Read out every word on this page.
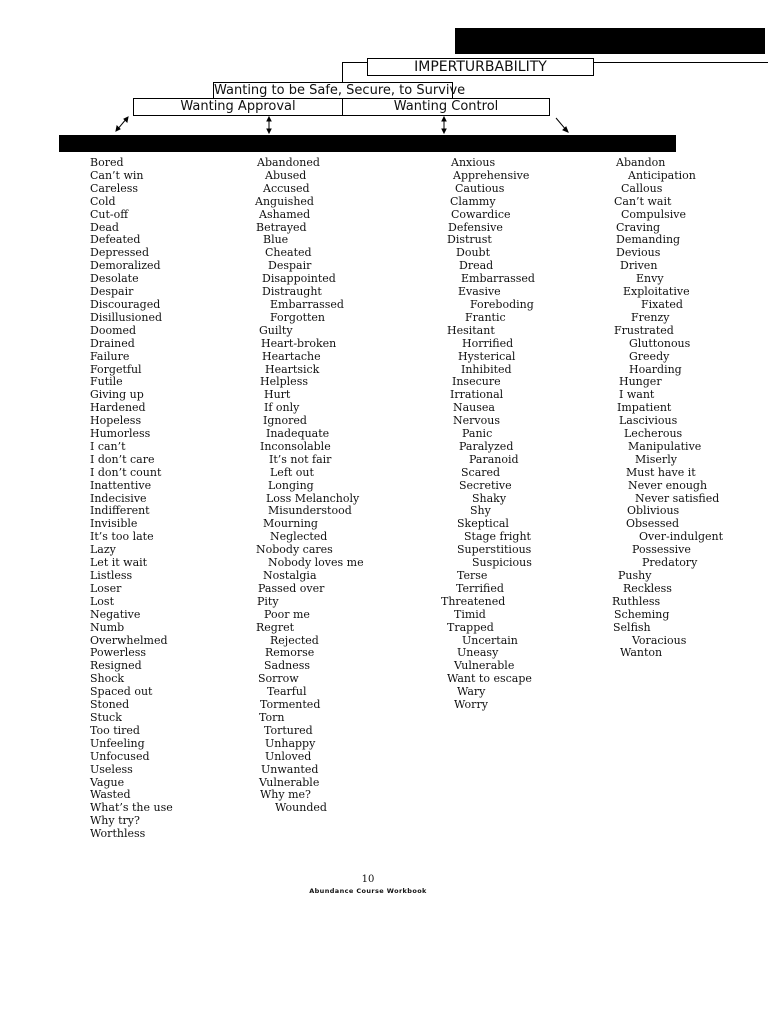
IMPERTURBABILITY
Wanting to be Safe, Secure, to Survive
Wanting Approval	Wanting Control
Bored
Can’t win
Careless
Cold
Cut-off
Dead
Defeated
Depressed
Demoralized
Desolate
Despair
Discouraged
Disillusioned
Doomed
Drained
Failure
Forgetful
Futile
Giving up
Hardened
Hopeless
Humorless
I can’t
I don’t care
I don’t count
Inattentive
Indecisive
Indifferent
Invisible
It’s too late
Lazy
Let it wait
Listless
Loser
Lost
Negative
Numb
Overwhelmed
Powerless
Resigned
Shock
Spaced out
Stoned
Stuck
Too tired
Unfeeling
Unfocused
Useless
Vague
Wasted
What’s the use
Why try?
Worthless
Abandoned
Abused
Accused
Anguished
Ashamed
Betrayed
Blue
Cheated
Despair
Disappointed
Distraught
Embarrassed
Forgotten
Guilty
Heart-broken
Heartache
Heartsick
Helpless
Hurt
If only
Ignored
Inadequate
Inconsolable
It’s not fair
Left out
Longing
Loss Melancholy
Misunderstood
Mourning
Neglected
Nobody cares
Nobody loves me
Nostalgia
Passed over
Pity
Poor me
Regret
Rejected
Remorse
Sadness
Sorrow
Tearful
Tormented
Torn
Tortured
Unhappy
Unloved
Unwanted
Vulnerable
Why me?
Wounded
Anxious
Apprehensive
Cautious
Clammy
Cowardice
Defensive
Distrust
Doubt
Dread
Embarrassed
Evasive
Foreboding
Frantic
Hesitant
Horrified
Hysterical
Inhibited
Insecure
Irrational
Nausea
Nervous
Panic
Paralyzed
Paranoid
Scared
Secretive
Shaky
Shy
Skeptical
Stage fright
Superstitious
Suspicious
Terse
Terrified
Threatened
Timid
Trapped
Uncertain
Uneasy
Vulnerable
Want to escape
Wary
Worry
Abandon
Anticipation
Callous
Can’t wait
Compulsive
Craving
Demanding
Devious
Driven
Envy
Exploitative
Fixated
Frenzy
Frustrated
Gluttonous
Greedy
Hoarding
Hunger
I want
Impatient
Lascivious
Lecherous
Manipulative
Miserly
Must have it
Never enough
Never satisfied
Oblivious
Obsessed
Over-indulgent
Possessive
Predatory
Pushy
Reckless
Ruthless
Scheming
Selfish
Voracious
Wanton
10
Abundance Course Workbook
